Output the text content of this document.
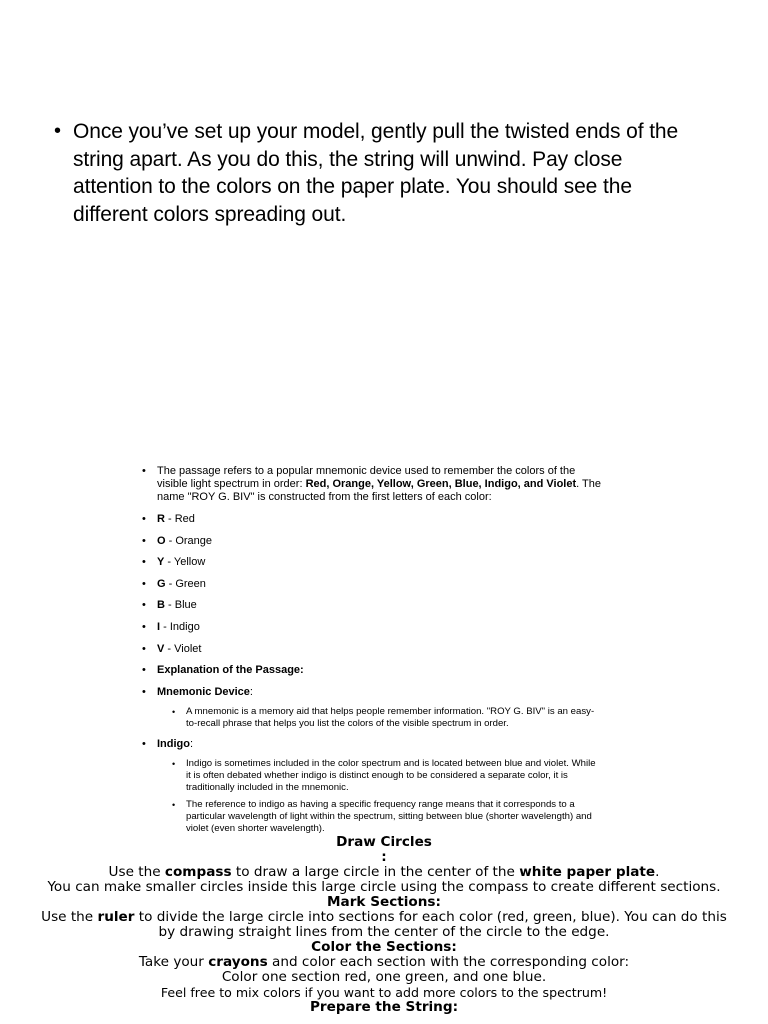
• Once you’ve set up your model, gently pull the twisted ends of the string apart. As you do this, the string will unwind. Pay close attention to the colors on the paper plate. You should see the different colors spreading out.
• The passage refers to a popular mnemonic device used to remember the colors of the visible light spectrum in order: Red, Orange, Yellow, Green, Blue, Indigo, and Violet. The name "ROY G. BIV" is constructed from the first letters of each color:
• R - Red
• O - Orange
• Y - Yellow
• G - Green
• B - Blue
• I - Indigo
• V - Violet
• Explanation of the Passage:
• Mnemonic Device:
• A mnemonic is a memory aid that helps people remember information. "ROY G. BIV" is an easy-to-recall phrase that helps you list the colors of the visible spectrum in order.
• Indigo:
• Indigo is sometimes included in the color spectrum and is located between blue and violet. While it is often debated whether indigo is distinct enough to be considered a separate color, it is traditionally included in the mnemonic.
• The reference to indigo as having a specific frequency range means that it corresponds to a particular wavelength of light within the spectrum, sitting between blue (shorter wavelength) and violet (even shorter wavelength).
Draw Circles
:
Use the compass to draw a large circle in the center of the white paper plate.
You can make smaller circles inside this large circle using the compass to create different sections.
Mark Sections:
Use the ruler to divide the large circle into sections for each color (red, green, blue). You can do this by drawing straight lines from the center of the circle to the edge.
Color the Sections:
Take your crayons and color each section with the corresponding color:
Color one section red, one green, and one blue.
Feel free to mix colors if you want to add more colors to the spectrum!
Prepare the String:
